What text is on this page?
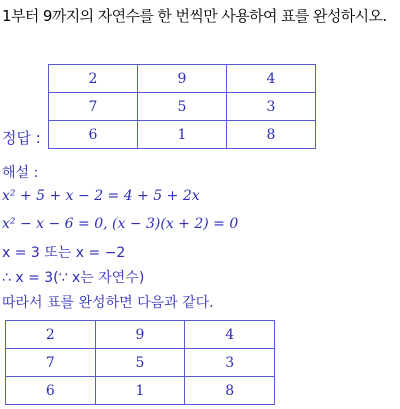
1부터 9까지의 자연수를 한 번씩만 사용하여 표를 완성하시오.
2	9	4
7	5	3
6	1	8
정답 :
해설 :
x² + 5 + x − 2 = 4 + 5 + 2x
x² − x − 6 = 0, (x − 3)(x + 2) = 0
x = 3 또는 x = −2
∴ x = 3(∵ x는 자연수)
따라서 표를 완성하면 다음과 같다.
2	9	4
7	5	3
6	1	8
